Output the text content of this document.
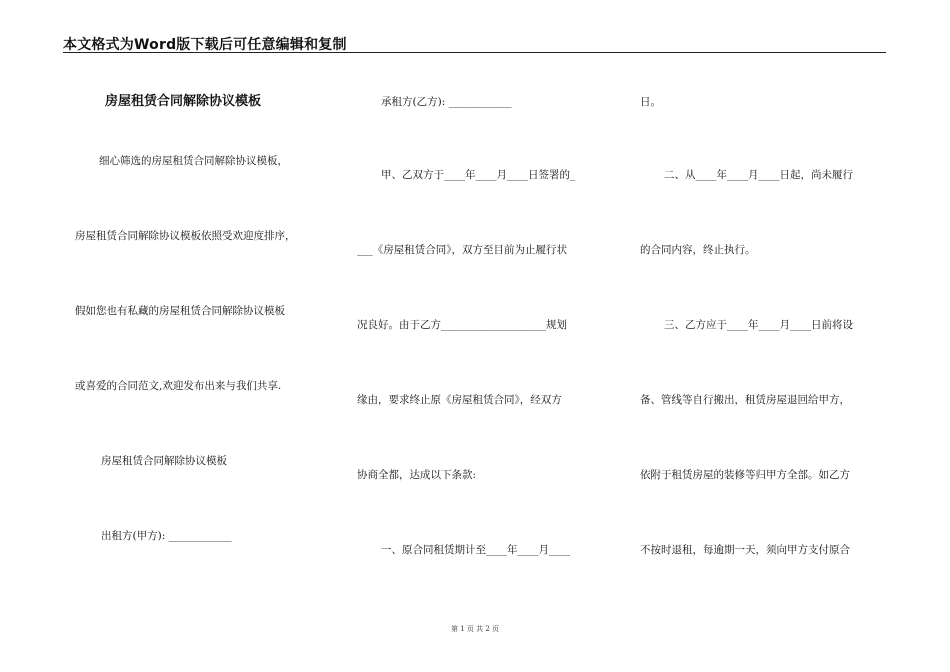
本文格式为Word版下载后可任意编辑和复制
房屋租赁合同解除协议模板
细心筛选的房屋租赁合同解除协议模板，
房屋租赁合同解除协议模板依照受欢迎度排序，
假如您也有私藏的房屋租赁合同解除协议模板
或喜爱的合同范文,欢迎发布出来与我们共享.
房屋租赁合同解除协议模板
出租方(甲方): ____________
承租方(乙方): ____________
甲、乙双方于____年____月____日签署的_
___《房屋租赁合同》，双方至目前为止履行状
况良好。由于乙方____________________规划
缘由，要求终止原《房屋租赁合同》，经双方
协商全都，达成以下条款:
一、原合同租赁期计至____年____月____
日。
二、从____年____月____日起，尚未履行
的合同内容，终止执行。
三、乙方应于____年____月____日前将设
备、管线等自行搬出，租赁房屋退回给甲方，
依附于租赁房屋的装修等归甲方全部。如乙方
不按时退租，每逾期一天，须向甲方支付原合
第 1 页 共 2 页
